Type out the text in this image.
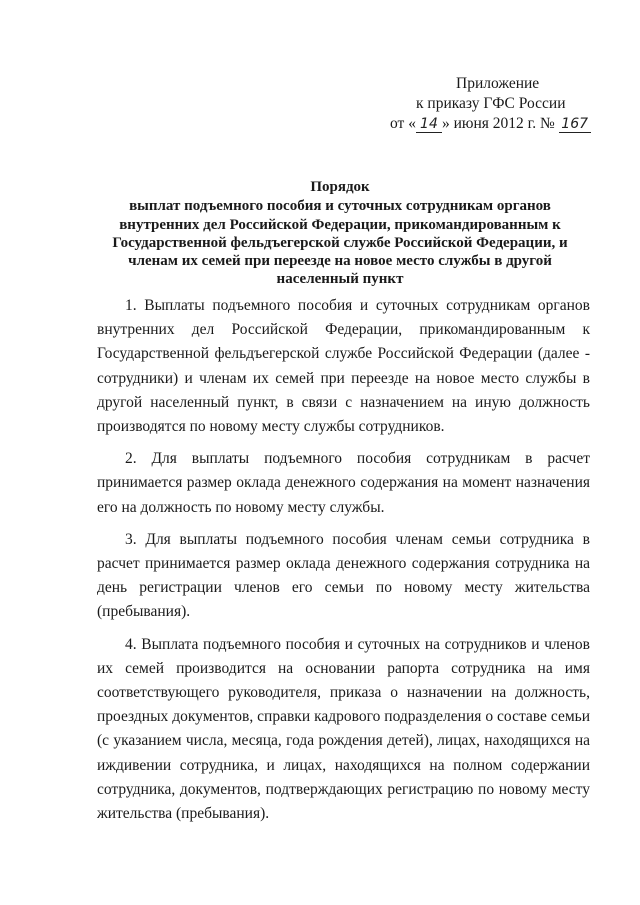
Приложение
к приказу ГФС России
от « 14 » июня 2012 г. № 167
Порядок
выплат подъемного пособия и суточных сотрудникам органов внутренних дел Российской Федерации, прикомандированным к Государственной фельдъегерской службе Российской Федерации, и членам их семей при переезде на новое место службы в другой населенный пункт

1. Выплаты подъемного пособия и суточных сотрудникам органов внутренних дел Российской Федерации, прикомандированным к Государственной фельдъегерской службе Российской Федерации (далее - сотрудники) и членам их семей при переезде на новое место службы в другой населенный пункт, в связи с назначением на иную должность производятся по новому месту службы сотрудников.

2. Для выплаты подъемного пособия сотрудникам в расчет принимается размер оклада денежного содержания на момент назначения его на должность по новому месту службы.

3. Для выплаты подъемного пособия членам семьи сотрудника в расчет принимается размер оклада денежного содержания сотрудника на день регистрации членов его семьи по новому месту жительства (пребывания).

4. Выплата подъемного пособия и суточных на сотрудников и членов их семей производится на основании рапорта сотрудника на имя соответствующего руководителя, приказа о назначении на должность, проездных документов, справки кадрового подразделения о составе семьи (с указанием числа, месяца, года рождения детей), лицах, находящихся на иждивении сотрудника, и лицах, находящихся на полном содержании сотрудника, документов, подтверждающих регистрацию по новому месту жительства (пребывания).
